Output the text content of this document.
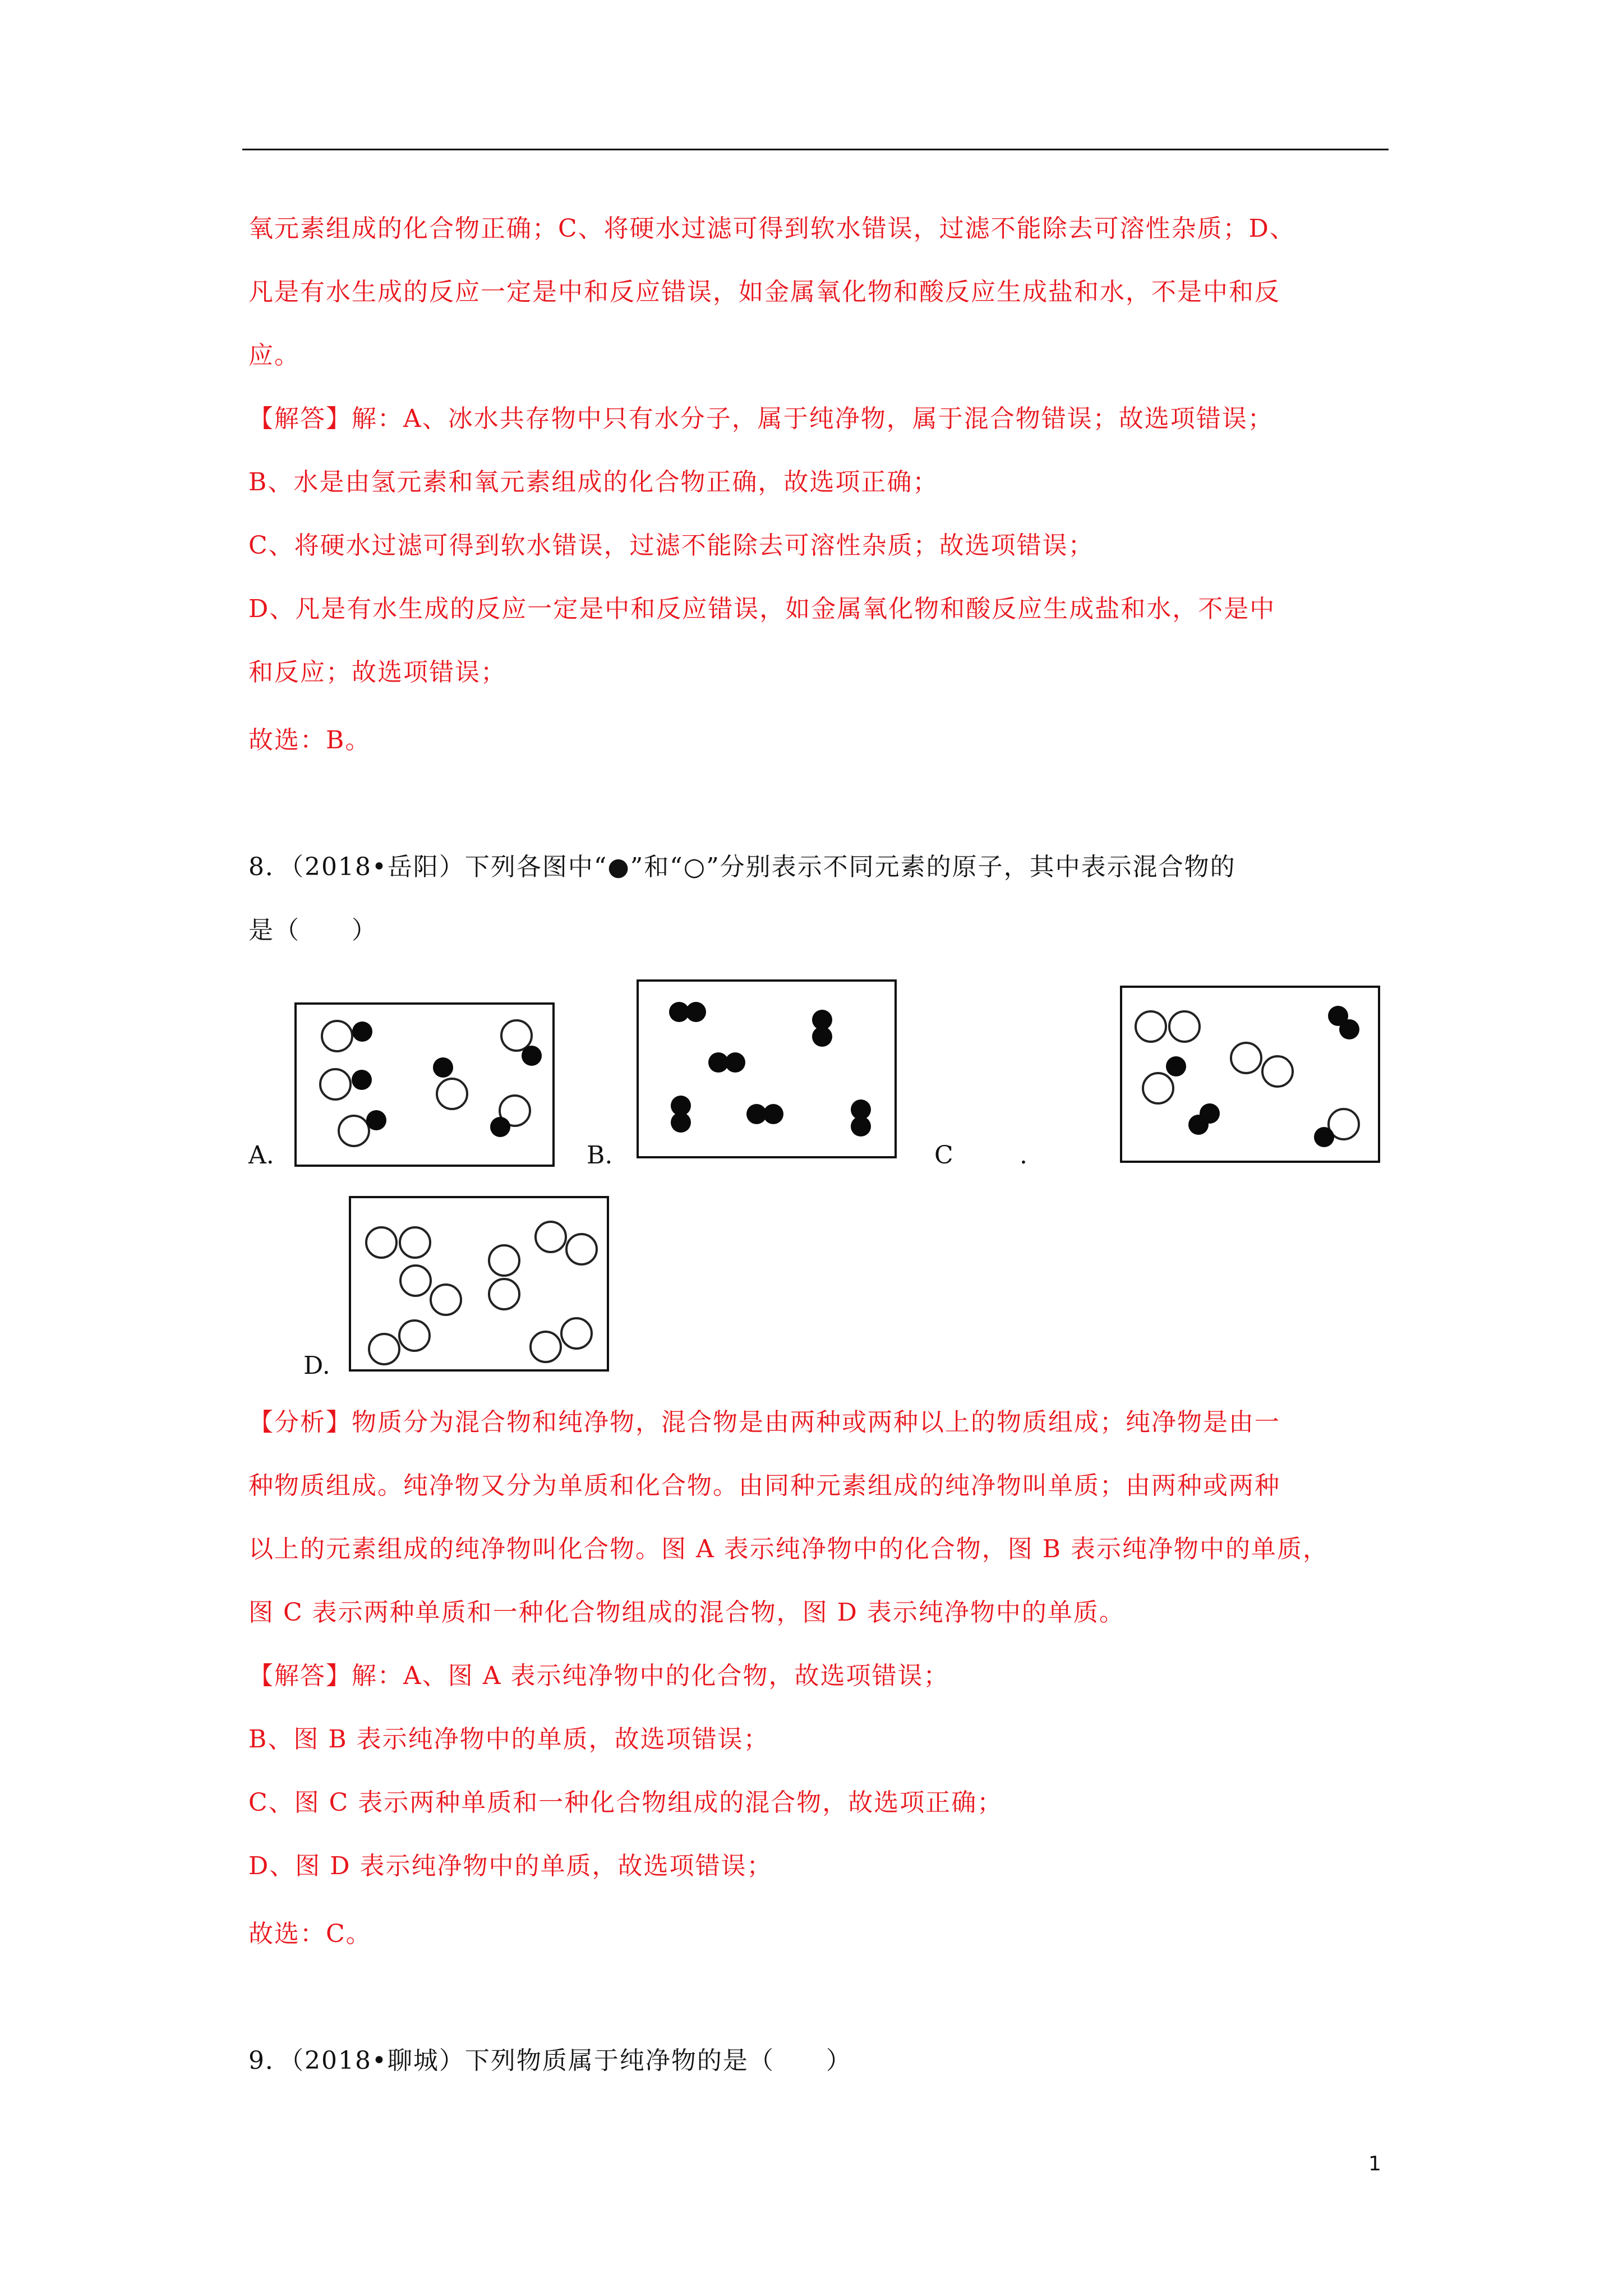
氧元素组成的化合物正确；C、将硬水过滤可得到软水错误，过滤不能除去可溶性杂质；D、
凡是有水生成的反应一定是中和反应错误，如金属氧化物和酸反应生成盐和水，不是中和反
应。
【解答】解：A、冰水共存物中只有水分子，属于纯净物，属于混合物错误；故选项错误；
B、水是由氢元素和氧元素组成的化合物正确，故选项正确；
C、将硬水过滤可得到软水错误，过滤不能除去可溶性杂质；故选项错误；
D、凡是有水生成的反应一定是中和反应错误，如金属氧化物和酸反应生成盐和水，不是中
和反应；故选项错误；
故选：B。
8．（2018•岳阳）下列各图中“●”和“○”分别表示不同元素的原子，其中表示混合物的
是（　　）
A.	B.	C	.
D.
【分析】物质分为混合物和纯净物，混合物是由两种或两种以上的物质组成；纯净物是由一
种物质组成。纯净物又分为单质和化合物。由同种元素组成的纯净物叫单质；由两种或两种
以上的元素组成的纯净物叫化合物。图 A 表示纯净物中的化合物，图 B 表示纯净物中的单质，
图 C 表示两种单质和一种化合物组成的混合物，图 D 表示纯净物中的单质。
【解答】解：A、图 A 表示纯净物中的化合物，故选项错误；
B、图 B 表示纯净物中的单质，故选项错误；
C、图 C 表示两种单质和一种化合物组成的混合物，故选项正确；
D、图 D 表示纯净物中的单质，故选项错误；
故选：C。
9．（2018•聊城）下列物质属于纯净物的是（　　）
1
